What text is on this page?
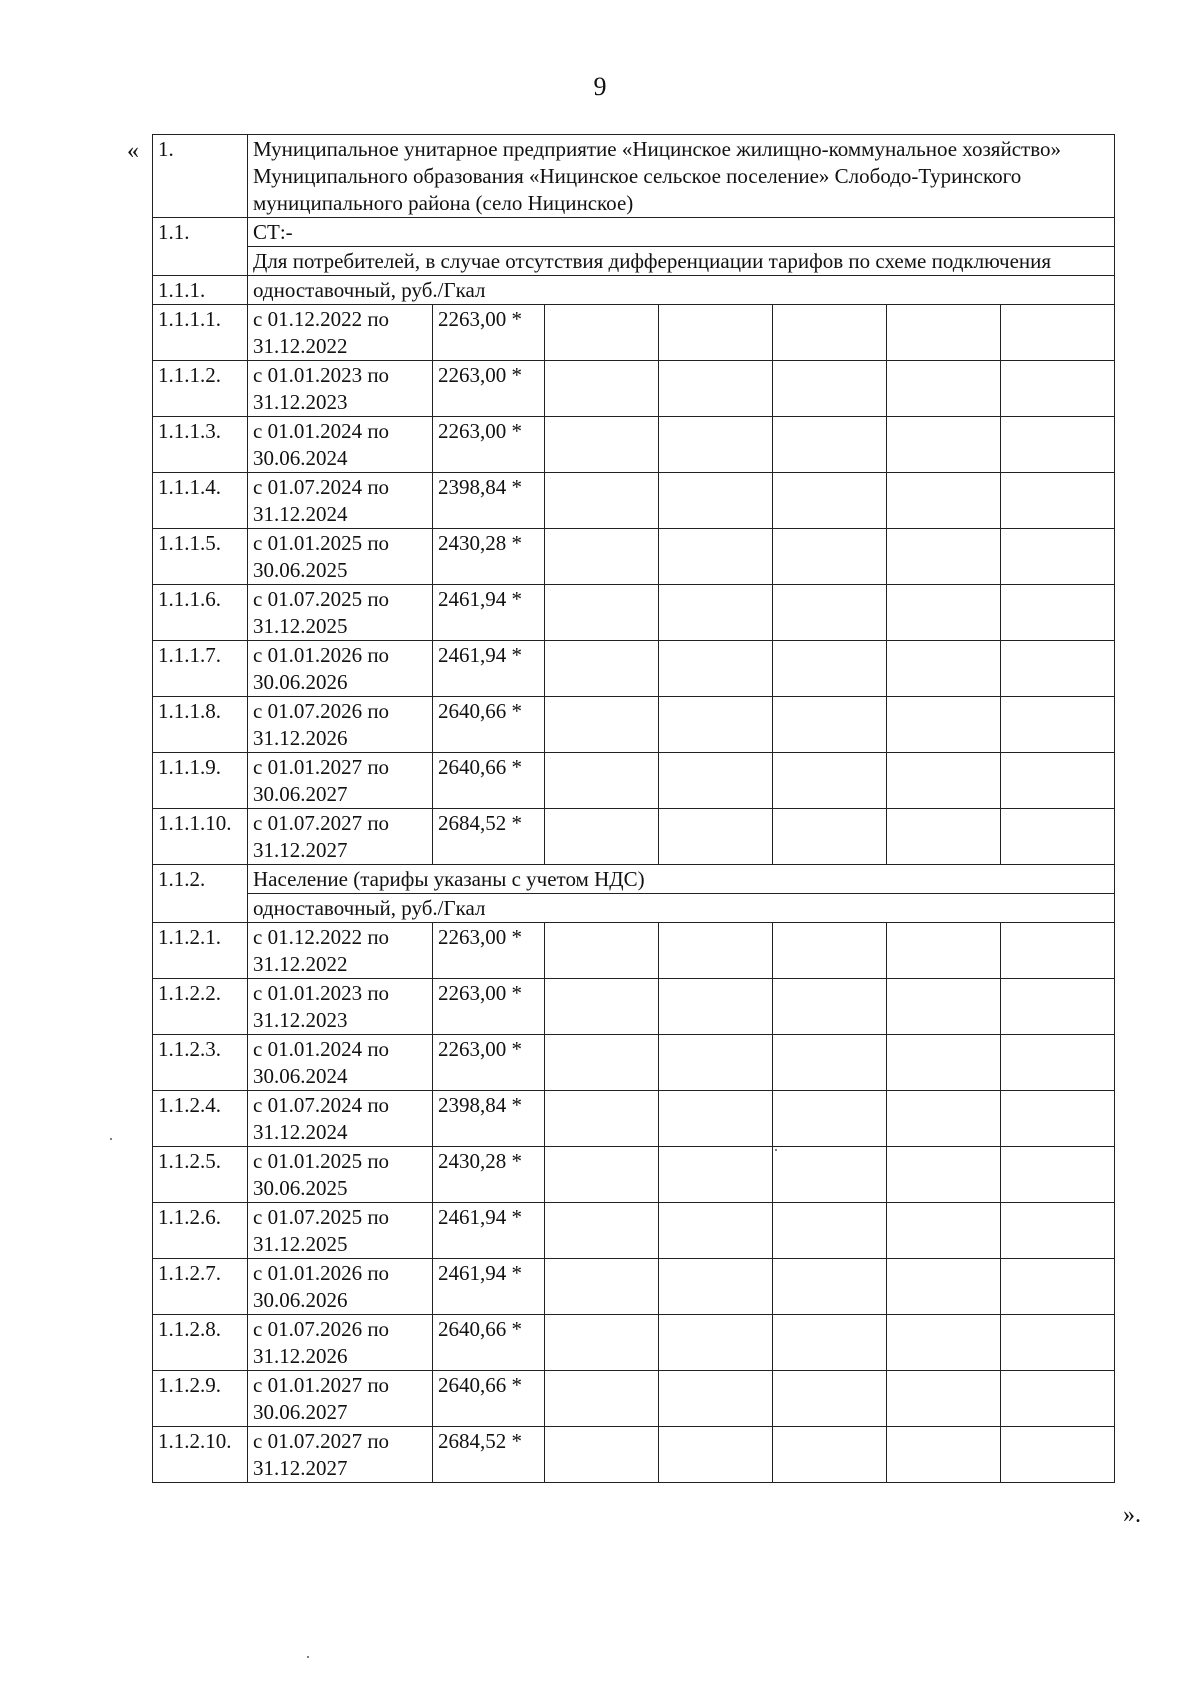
9
«
».
1.	Муниципальное унитарное предприятие «Ницинское жилищно-коммунальное хозяйство» Муниципального образования «Ницинское сельское поселение» Слободо-Туринского муниципального района (село Ницинское)						
1.1.	СТ:-						
	Для потребителей, в случае отсутствия дифференциации тарифов по схеме подключения						
1.1.1.	одноставочный, руб./Гкал						
1.1.1.1.	с 01.12.2022 по 31.12.2022	2263,00 *					
1.1.1.2.	с 01.01.2023 по 31.12.2023	2263,00 *					
1.1.1.3.	с 01.01.2024 по 30.06.2024	2263,00 *					
1.1.1.4.	с 01.07.2024 по 31.12.2024	2398,84 *					
1.1.1.5.	с 01.01.2025 по 30.06.2025	2430,28 *					
1.1.1.6.	с 01.07.2025 по 31.12.2025	2461,94 *					
1.1.1.7.	с 01.01.2026 по 30.06.2026	2461,94 *					
1.1.1.8.	с 01.07.2026 по 31.12.2026	2640,66 *					
1.1.1.9.	с 01.01.2027 по 30.06.2027	2640,66 *					
1.1.1.10.	с 01.07.2027 по 31.12.2027	2684,52 *					
1.1.2.	Население (тарифы указаны с учетом НДС)						
	одноставочный, руб./Гкал						
1.1.2.1.	с 01.12.2022 по 31.12.2022	2263,00 *					
1.1.2.2.	с 01.01.2023 по 31.12.2023	2263,00 *					
1.1.2.3.	с 01.01.2024 по 30.06.2024	2263,00 *					
1.1.2.4.	с 01.07.2024 по 31.12.2024	2398,84 *					
1.1.2.5.	с 01.01.2025 по 30.06.2025	2430,28 *					
1.1.2.6.	с 01.07.2025 по 31.12.2025	2461,94 *					
1.1.2.7.	с 01.01.2026 по 30.06.2026	2461,94 *					
1.1.2.8.	с 01.07.2026 по 31.12.2026	2640,66 *					
1.1.2.9.	с 01.01.2027 по 30.06.2027	2640,66 *					
1.1.2.10.	с 01.07.2027 по 31.12.2027	2684,52 *					
